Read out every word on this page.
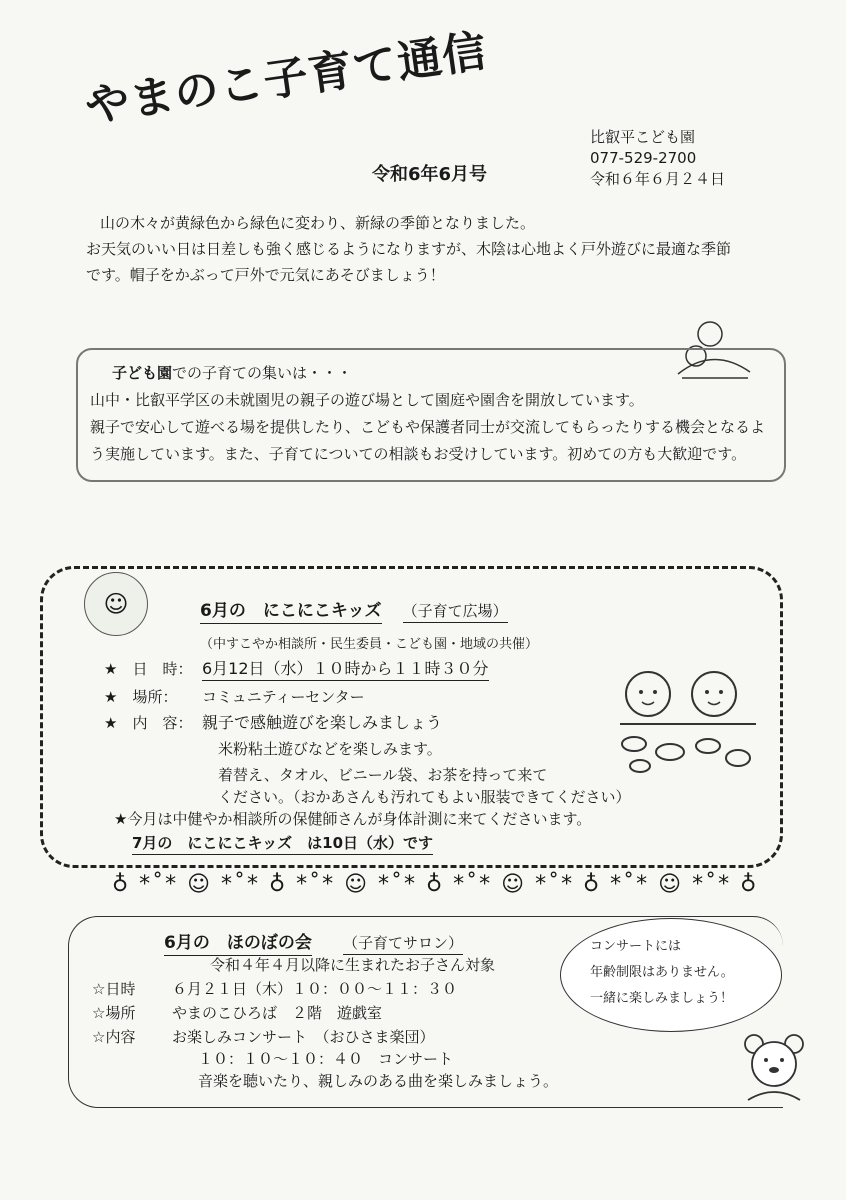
やまのこ子育て通信
令和6年6月号
比叡平こども園
077-529-2700
令和６年６月２４日

山の木々が黄緑色から緑色に変わり、新緑の季節となりました。

お天気のいい日は日差しも強く感じるようになりますが、木陰は心地よく戸外遊びに最適な季節

です。帽子をかぶって戸外で元気にあそびましょう！

子ども園での子育ての集いは・・・

山中・比叡平学区の未就園児の親子の遊び場として園庭や園舎を開放しています。

親子で安心して遊べる場を提供したり、こどもや保護者同士が交流してもらったりする機会となるよ

う実施しています。また、子育てについての相談もお受けしています。初めての方も大歓迎です。

☺	6月の　にこにこキッズ （子育て広場）
（中すこやか相談所・民生委員・こども園・地域の共催）
★　日　時： 6月12日（水）１０時から１１時３０分
★　場所： コミュニティーセンター
★　内　容： 親子で感触遊びを楽しみましょう
米粉粘土遊びなどを楽しみます。
着替え、タオル、ビニール袋、お茶を持って来て
ください。（おかあさんも汚れてもよい服装できてください）
★今月は中健やか相談所の保健師さんが身体計測に来てくださいます。
7月の　にこにこキッズ　は10日（水）です
♁ *˚* ☺ *˚* ♁ *˚* ☺ *˚* ♁ *˚* ☺ *˚* ♁ *˚* ☺ *˚* ♁
6月の　ほのぼの会 （子育てサロン）
令和４年４月以降に生まれたお子さん対象
☆日時 ６月２１日（木）１０：００～１１：３０
☆場所 やまのこひろば　２階　遊戯室
☆内容 お楽しみコンサート　（おひさま楽団）
１０：１０～１０：４０　コンサート
音楽を聴いたり、親しみのある曲を楽しみましょう。
コンサートには
年齢制限はありません。
一緒に楽しみましょう！
